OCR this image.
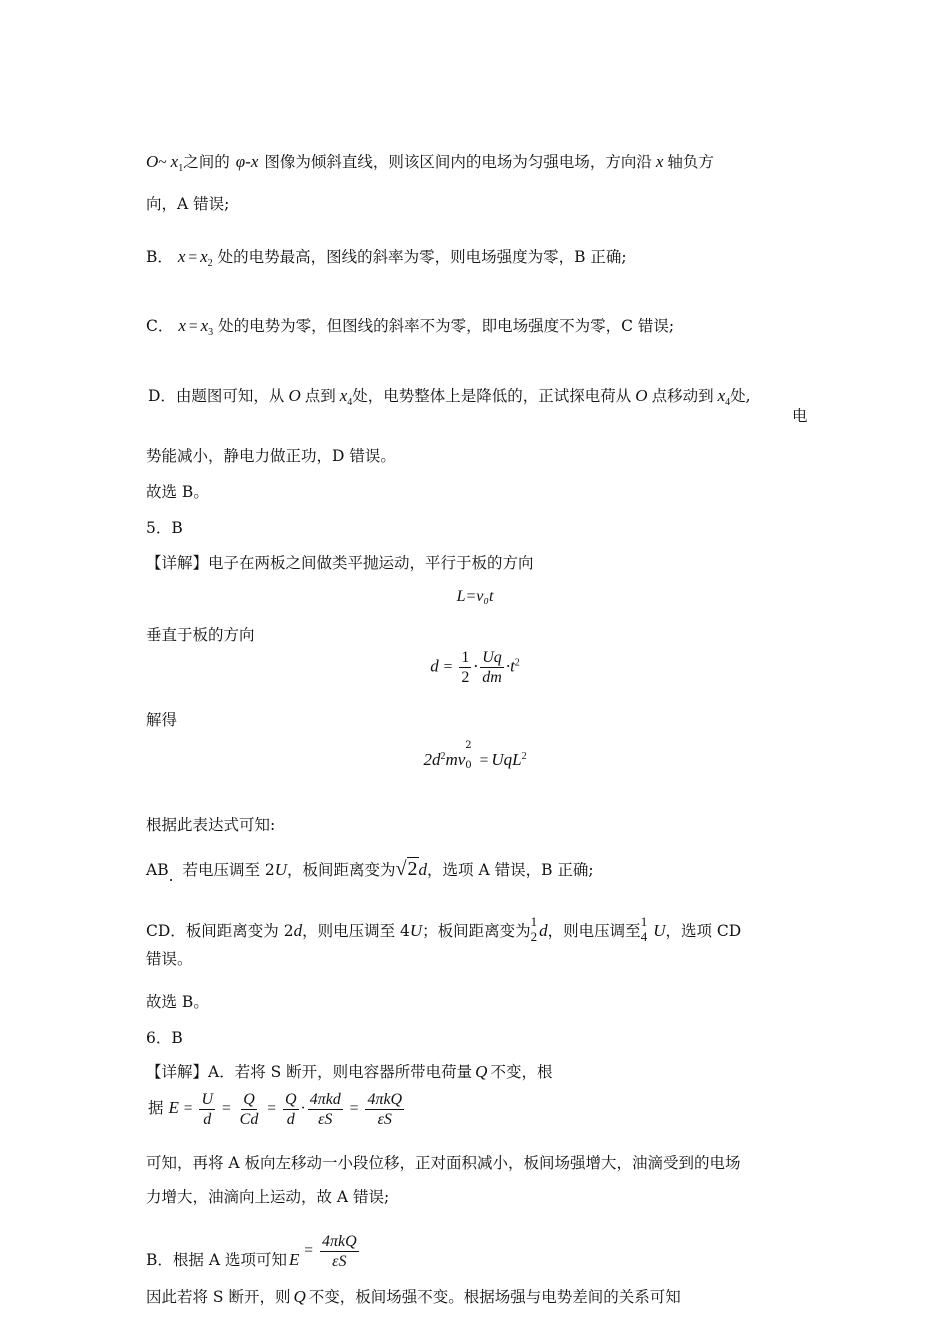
O~ $x_1$之间的 φ-x 图像为倾斜直线，则该区间内的电场为匀强电场，方向沿 x 轴负方
向，A 错误;
B． $x = x_2$ 处的电势最高，图线的斜率为零，则电场强度为零，B 正确;
C． $x = x_3$ 处的电势为零，但图线的斜率不为零，即电场强度不为零，C 错误;
D．由题图可知，从 O 点到 $x_4$处，电势整体上是降低的，正试探电荷从 O 点移动到 $x_4$处,
电
势能减小，静电力做正功，D 错误。
故选 B。
5．B
【详解】电子在两板之间做类平抛运动，平行于板的方向
L=v₀t
垂直于板的方向
$d = \frac{1}{2} \cdot \frac{Uq}{dm} \cdot t^2$
解得
$2d^2mv$
2
0 = UqL$^2$
根据此表达式可知:
AB. 若电压调至 2U，板间距离变为√2d，选项 A 错误，B 正确;
CD．板间距离变为 2d，则电压调至 4U；板间距离变为
1
2 d，则电压调至
1
4 U，选项 CD
错误。
故选 B。
6．B
【详解】A．若将 S 断开，则电容器所带电荷量 Q 不变，根
据 $E = \frac{U}{d} = \frac{Q}{Cd} = \frac{Q}{d} \cdot \frac{\text{4πkd}}{\varepsilon S} = \frac{\text{4πkQ}}{\varepsilon S}$
可知，再将 A 板向左移动一小段位移，正对面积减小，板间场强增大，油滴受到的电场
力增大，油滴向上运动，故 A 错误;
B．根据 A 选项可知 $E = \frac{\text{4πkQ}}{\varepsilon S}$
因此若将 S 断开，则 Q 不变，板间场强不变。根据场强与电势差间的关系可知
